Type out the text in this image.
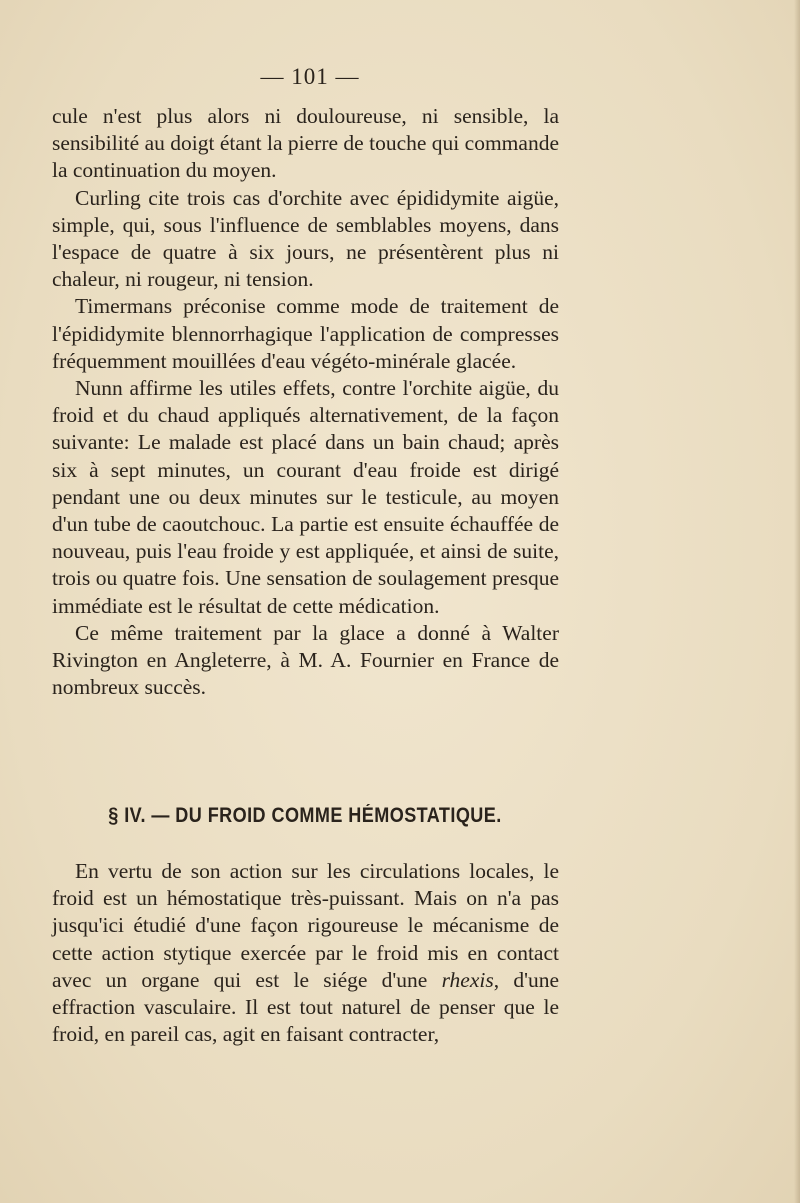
— 101 —

cule n'est plus alors ni douloureuse, ni sensible, la sensibilité au doigt étant la pierre de touche qui commande la continuation du moyen.

Curling cite trois cas d'orchite avec épididymite aigüe, simple, qui, sous l'influence de semblables moyens, dans l'espace de quatre à six jours, ne présentèrent plus ni chaleur, ni rougeur, ni tension.

Timermans préconise comme mode de traitement de l'épididymite blennorrhagique l'application de compresses fréquemment mouillées d'eau végéto-minérale glacée.

Nunn affirme les utiles effets, contre l'orchite aigüe, du froid et du chaud appliqués alternativement, de la façon suivante: Le malade est placé dans un bain chaud; après six à sept minutes, un courant d'eau froide est dirigé pendant une ou deux minutes sur le testicule, au moyen d'un tube de caoutchouc. La partie est ensuite échauffée de nouveau, puis l'eau froide y est appliquée, et ainsi de suite, trois ou quatre fois. Une sensation de soulagement presque immédiate est le résultat de cette médication.

Ce même traitement par la glace a donné à Walter Rivington en Angleterre, à M. A. Fournier en France de nombreux succès.

§ IV. — DU FROID COMME HÉMOSTATIQUE.

En vertu de son action sur les circulations locales, le froid est un hémostatique très-puissant. Mais on n'a pas jusqu'ici étudié d'une façon rigoureuse le mécanisme de cette action stytique exercée par le froid mis en contact avec un organe qui est le siége d'une rhexis, d'une effraction vasculaire. Il est tout naturel de penser que le froid, en pareil cas, agit en faisant contracter,
